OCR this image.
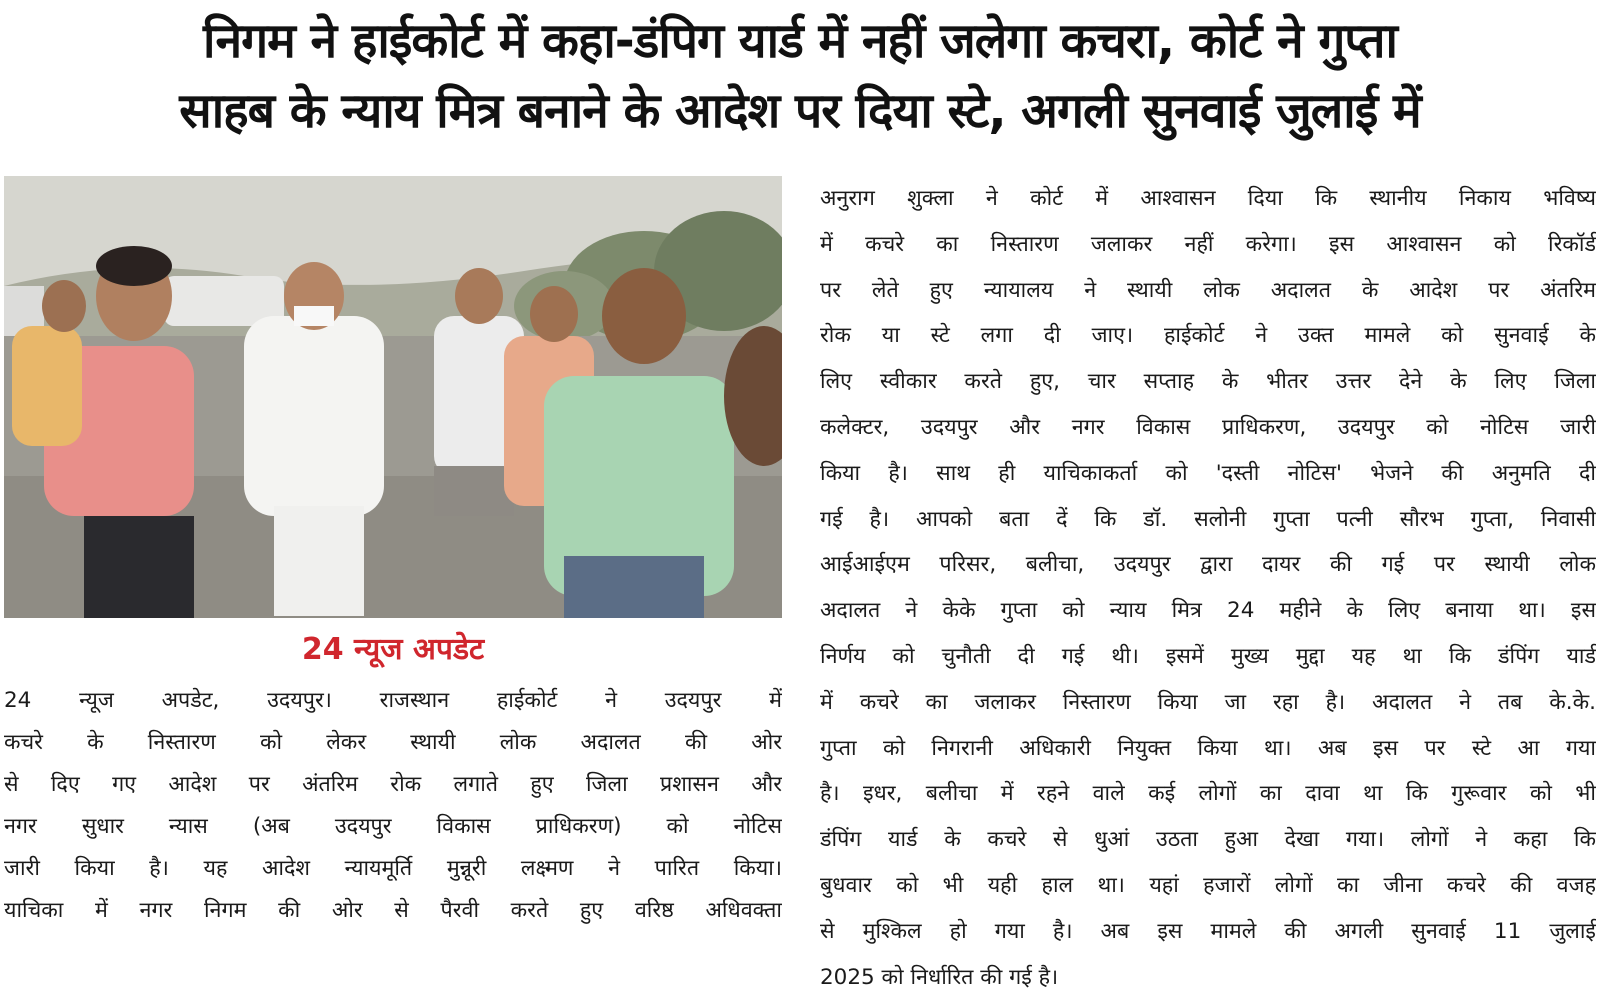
निगम ने हाईकोर्ट में कहा-डंपिग यार्ड में नहीं जलेगा कचरा, कोर्ट ने गुप्ता
साहब के न्याय मित्र बनाने के आदेश पर दिया स्टे, अगली सुनवाई जुलाई में
24 न्यूज अपडेट
24 न्यूज अपडेट, उदयपुर। राजस्थान हाईकोर्ट ने उदयपुर में
कचरे के निस्तारण को लेकर स्थायी लोक अदालत की ओर
से दिए गए आदेश पर अंतरिम रोक लगाते हुए जिला प्रशासन और
नगर सुधार न्यास (अब उदयपुर विकास प्राधिकरण) को नोटिस
जारी किया है। यह आदेश न्यायमूर्ति मुन्नूरी लक्ष्मण ने पारित किया।
याचिका में नगर निगम की ओर से पैरवी करते हुए वरिष्ठ अधिवक्ता
अनुराग शुक्ला ने कोर्ट में आश्वासन दिया कि स्थानीय निकाय भविष्य
में कचरे का निस्तारण जलाकर नहीं करेगा। इस आश्वासन को रिकॉर्ड
पर लेते हुए न्यायालय ने स्थायी लोक अदालत के आदेश पर अंतरिम
रोक या स्टे लगा दी जाए। हाईकोर्ट ने उक्त मामले को सुनवाई के
लिए स्वीकार करते हुए, चार सप्ताह के भीतर उत्तर देने के लिए जिला
कलेक्टर, उदयपुर और नगर विकास प्राधिकरण, उदयपुर को नोटिस जारी
किया है। साथ ही याचिकाकर्ता को 'दस्ती नोटिस' भेजने की अनुमति दी
गई है। आपको बता दें कि डॉ. सलोनी गुप्ता पत्नी सौरभ गुप्ता, निवासी
आईआईएम परिसर, बलीचा, उदयपुर द्वारा दायर की गई पर स्थायी लोक
अदालत ने केके गुप्ता को न्याय मित्र 24 महीने के लिए बनाया था। इस
निर्णय को चुनौती दी गई थी। इसमें मुख्य मुद्दा यह था कि डंपिंग यार्ड
में कचरे का जलाकर निस्तारण किया जा रहा है। अदालत ने तब के.के.
गुप्ता को निगरानी अधिकारी नियुक्त किया था। अब इस पर स्टे आ गया
है। इधर, बलीचा में रहने वाले कई लोगों का दावा था कि गुरूवार को भी
डंपिंग यार्ड के कचरे से धुआं उठता हुआ देखा गया। लोगों ने कहा कि
बुधवार को भी यही हाल था। यहां हजारों लोगों का जीना कचरे की वजह
से मुश्किल हो गया है। अब इस मामले की अगली सुनवाई 11 जुलाई
2025 को निर्धारित की गई है।
